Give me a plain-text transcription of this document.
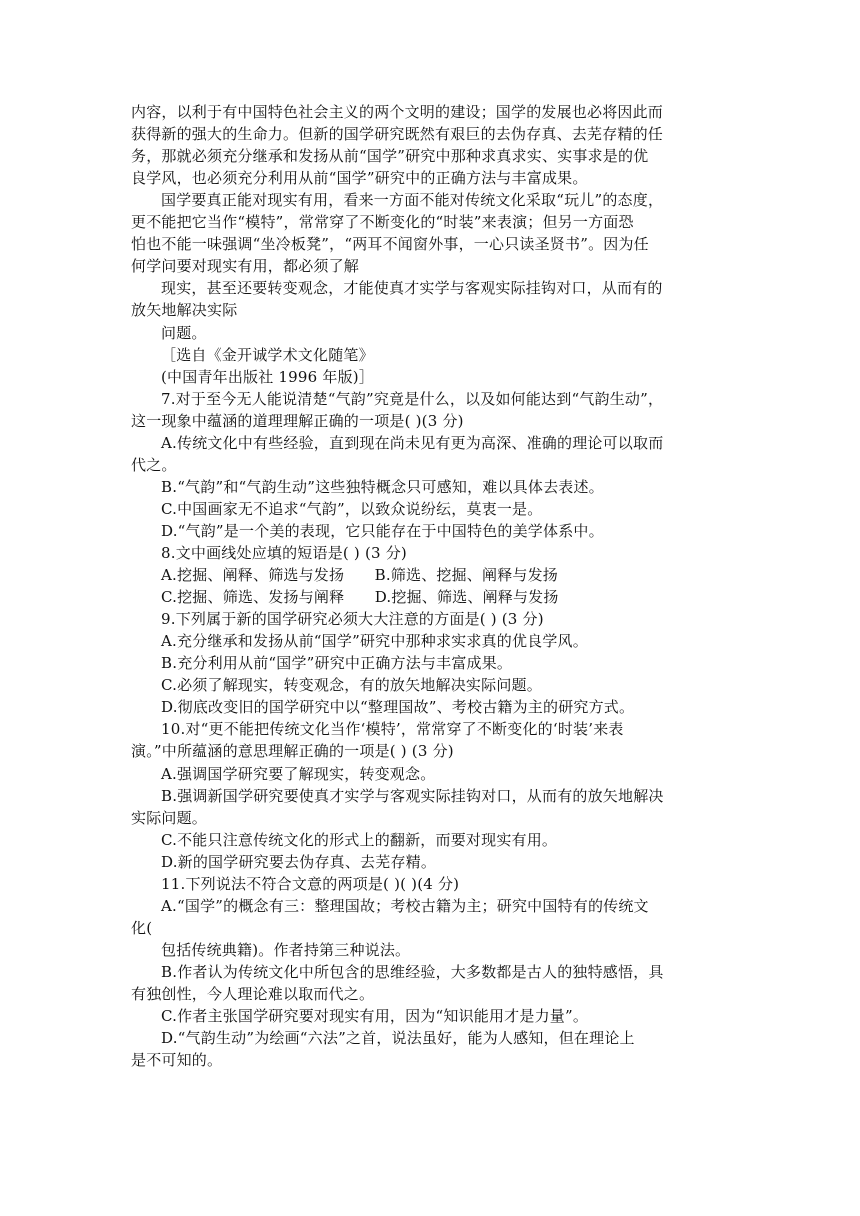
内容，以利于有中国特色社会主义的两个文明的建设；国学的发展也必将因此而
获得新的强大的生命力。但新的国学研究既然有艰巨的去伪存真、去芜存精的任
务，那就必须充分继承和发扬从前“国学”研究中那种求真求实、实事求是的优
良学风，也必须充分利用从前“国学”研究中的正确方法与丰富成果。
国学要真正能对现实有用，看来一方面不能对传统文化采取“玩儿”的态度，
更不能把它当作“模特”，常常穿了不断变化的“时装”来表演；但另一方面恐
怕也不能一味强调“坐冷板凳”，“两耳不闻窗外事，一心只读圣贤书”。因为任
何学问要对现实有用，都必须了解
现实，甚至还要转变观念，才能使真才实学与客观实际挂钩对口，从而有的
放矢地解决实际
问题。
［选自《金开诚学术文化随笔》
(中国青年出版社 1996 年版)］
7.对于至今无人能说清楚“气韵”究竟是什么，以及如何能达到“气韵生动”，
这一现象中蕴涵的道理理解正确的一项是( )(3 分)
A.传统文化中有些经验，直到现在尚未见有更为高深、准确的理论可以取而
代之。
B.“气韵”和“气韵生动”这些独特概念只可感知，难以具体去表述。
C.中国画家无不追求“气韵”，以致众说纷纭，莫衷一是。
D.“气韵”是一个美的表现，它只能存在于中国特色的美学体系中。
8.文中画线处应填的短语是( ) (3 分)
A.挖掘、阐释、筛选与发扬　　B.筛选、挖掘、阐释与发扬
C.挖掘、筛选、发扬与阐释　　D.挖掘、筛选、阐释与发扬
9.下列属于新的国学研究必须大大注意的方面是( ) (3 分)
A.充分继承和发扬从前“国学”研究中那种求实求真的优良学风。
B.充分利用从前“国学”研究中正确方法与丰富成果。
C.必须了解现实，转变观念，有的放矢地解决实际问题。
D.彻底改变旧的国学研究中以“整理国故”、考校古籍为主的研究方式。
10.对“更不能把传统文化当作‘模特’，常常穿了不断变化的‘时装’来表
演。”中所蕴涵的意思理解正确的一项是( ) (3 分)
A.强调国学研究要了解现实，转变观念。
B.强调新国学研究要使真才实学与客观实际挂钩对口，从而有的放矢地解决
实际问题。
C.不能只注意传统文化的形式上的翻新，而要对现实有用。
D.新的国学研究要去伪存真、去芜存精。
11.下列说法不符合文意的两项是( )( )(4 分)
A.“国学”的概念有三：整理国故；考校古籍为主；研究中国特有的传统文
化(
包括传统典籍)。作者持第三种说法。
B.作者认为传统文化中所包含的思维经验，大多数都是古人的独特感悟，具
有独创性，今人理论难以取而代之。
C.作者主张国学研究要对现实有用，因为“知识能用才是力量”。
D.“气韵生动”为绘画“六法”之首，说法虽好，能为人感知，但在理论上
是不可知的。
